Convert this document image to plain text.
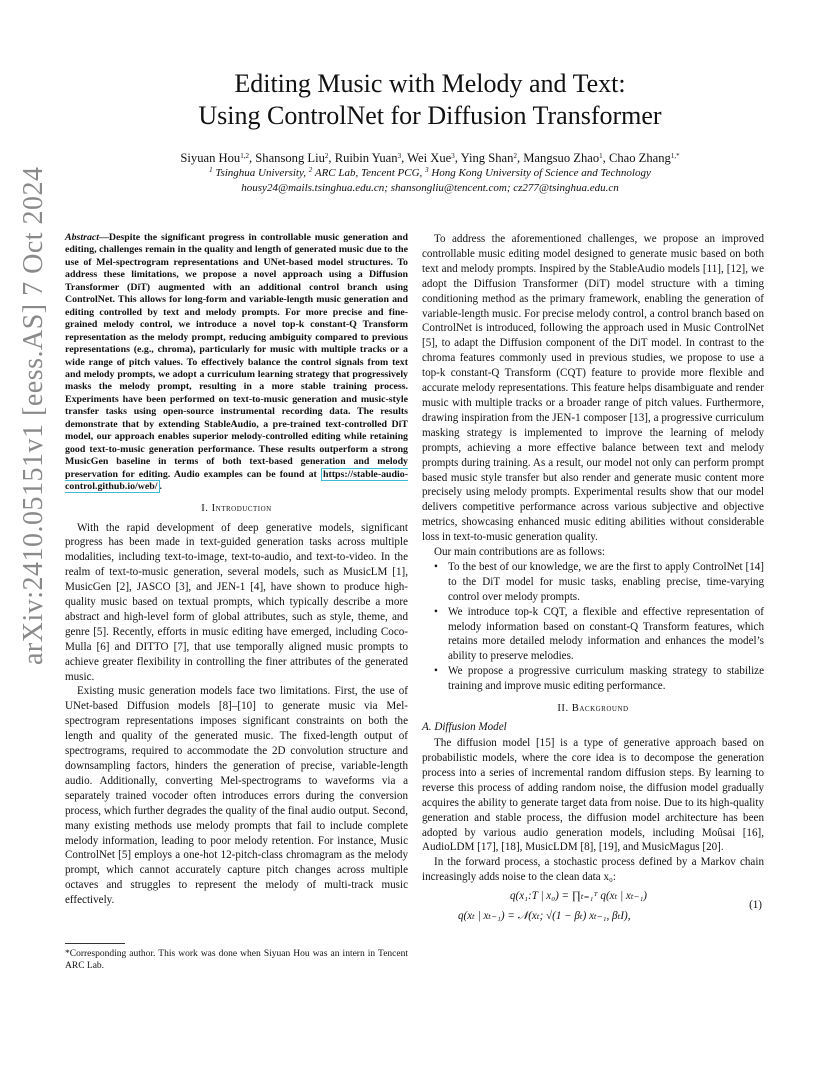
arXiv:2410.05151v1 [eess.AS] 7 Oct 2024
Editing Music with Melody and Text:
Using ControlNet for Diffusion Transformer
Siyuan Hou$^{1,2}$, Shansong Liu$^2$, Ruibin Yuan$^3$, Wei Xue$^3$, Ying Shan$^2$, Mangsuo Zhao$^1$, Chao Zhang$^{1,*}$
$^1$ Tsinghua University, $^2$ ARC Lab, Tencent PCG, $^3$ Hong Kong University of Science and Technology
housy24@mails.tsinghua.edu.cn; shansongliu@tencent.com; cz277@tsinghua.edu.cn

Abstract—Despite the significant progress in controllable music generation and editing, challenges remain in the quality and length of generated music due to the use of Mel-spectrogram representations and UNet-based model structures. To address these limitations, we propose a novel approach using a Diffusion Transformer (DiT) augmented with an additional control branch using ControlNet. This allows for long-form and variable-length music generation and editing controlled by text and melody prompts. For more precise and fine-grained melody control, we introduce a novel top-k constant-Q Transform representation as the melody prompt, reducing ambiguity compared to previous representations (e.g., chroma), particularly for music with multiple tracks or a wide range of pitch values. To effectively balance the control signals from text and melody prompts, we adopt a curriculum learning strategy that progressively masks the melody prompt, resulting in a more stable training process. Experiments have been performed on text-to-music generation and music-style transfer tasks using open-source instrumental recording data. The results demonstrate that by extending StableAudio, a pre-trained text-controlled DiT model, our approach enables superior melody-controlled editing while retaining good text-to-music generation performance. These results outperform a strong MusicGen baseline in terms of both text-based generation and melody preservation for editing. Audio examples can be found at https://stable-audio-control.github.io/web/ .

I. Introduction

With the rapid development of deep generative models, significant progress has been made in text-guided generation tasks across multiple modalities, including text-to-image, text-to-audio, and text-to-video. In the realm of text-to-music generation, several models, such as MusicLM [1], MusicGen [2], JASCO [3], and JEN-1 [4], have shown to produce high-quality music based on textual prompts, which typically describe a more abstract and high-level form of global attributes, such as style, theme, and genre [5]. Recently, efforts in music editing have emerged, including Coco-Mulla [6] and DITTO [7], that use temporally aligned music prompts to achieve greater flexibility in controlling the finer attributes of the generated music.

Existing music generation models face two limitations. First, the use of UNet-based Diffusion models [8]–[10] to generate music via Mel-spectrogram representations imposes significant constraints on both the length and quality of the generated music. The fixed-length output of spectrograms, required to accommodate the 2D convolution structure and downsampling factors, hinders the generation of precise, variable-length audio. Additionally, converting Mel-spectrograms to waveforms via a separately trained vocoder often introduces errors during the conversion process, which further degrades the quality of the final audio output. Second, many existing methods use melody prompts that fail to include complete melody information, leading to poor melody retention. For instance, Music ControlNet [5] employs a one-hot 12-pitch-class chromagram as the melody prompt, which cannot accurately capture pitch changes across multiple octaves and struggles to represent the melody of multi-track music effectively.

*Corresponding author. This work was done when Siyuan Hou was an intern in Tencent ARC Lab.

To address the aforementioned challenges, we propose an improved controllable music editing model designed to generate music based on both text and melody prompts. Inspired by the StableAudio models [11], [12], we adopt the Diffusion Transformer (DiT) model structure with a timing conditioning method as the primary framework, enabling the generation of variable-length music. For precise melody control, a control branch based on ControlNet is introduced, following the approach used in Music ControlNet [5], to adapt the Diffusion component of the DiT model. In contrast to the chroma features commonly used in previous studies, we propose to use a top-k constant-Q Transform (CQT) feature to provide more flexible and accurate melody representations. This feature helps disambiguate and render music with multiple tracks or a broader range of pitch values. Furthermore, drawing inspiration from the JEN-1 composer [13], a progressive curriculum masking strategy is implemented to improve the learning of melody prompts, achieving a more effective balance between text and melody prompts during training. As a result, our model not only can perform prompt based music style transfer but also render and generate music content more precisely using melody prompts. Experimental results show that our model delivers competitive performance across various subjective and objective metrics, showcasing enhanced music editing abilities without considerable loss in text-to-music generation quality.

Our main contributions are as follows:

• To the best of our knowledge, we are the first to apply ControlNet [14] to the DiT model for music tasks, enabling precise, time-varying control over melody prompts.
• We introduce top-k CQT, a flexible and effective representation of melody information based on constant-Q Transform features, which retains more detailed melody information and enhances the model’s ability to preserve melodies.
• We propose a progressive curriculum masking strategy to stabilize training and improve music editing performance.
II. Background
A. Diffusion Model

The diffusion model [15] is a type of generative approach based on probabilistic models, where the core idea is to decompose the generation process into a series of incremental random diffusion steps. By learning to reverse this process of adding random noise, the diffusion model gradually acquires the ability to generate target data from noise. Due to its high-quality generation and stable process, the diffusion model architecture has been adopted by various audio generation models, including Moûsai [16], AudioLDM [17], [18], MusicLDM [8], [19], and MusicMagus [20].

In the forward process, a stochastic process defined by a Markov chain increasingly adds noise to the clean data x₀:

q(x₁:T | x₀) = ∏ₜ₌₁ᵀ q(xₜ | xₜ₋₁)
q(xₜ | xₜ₋₁) = 𝒩(xₜ; √(1 − βₜ) xₜ₋₁, βₜI),
(1)
